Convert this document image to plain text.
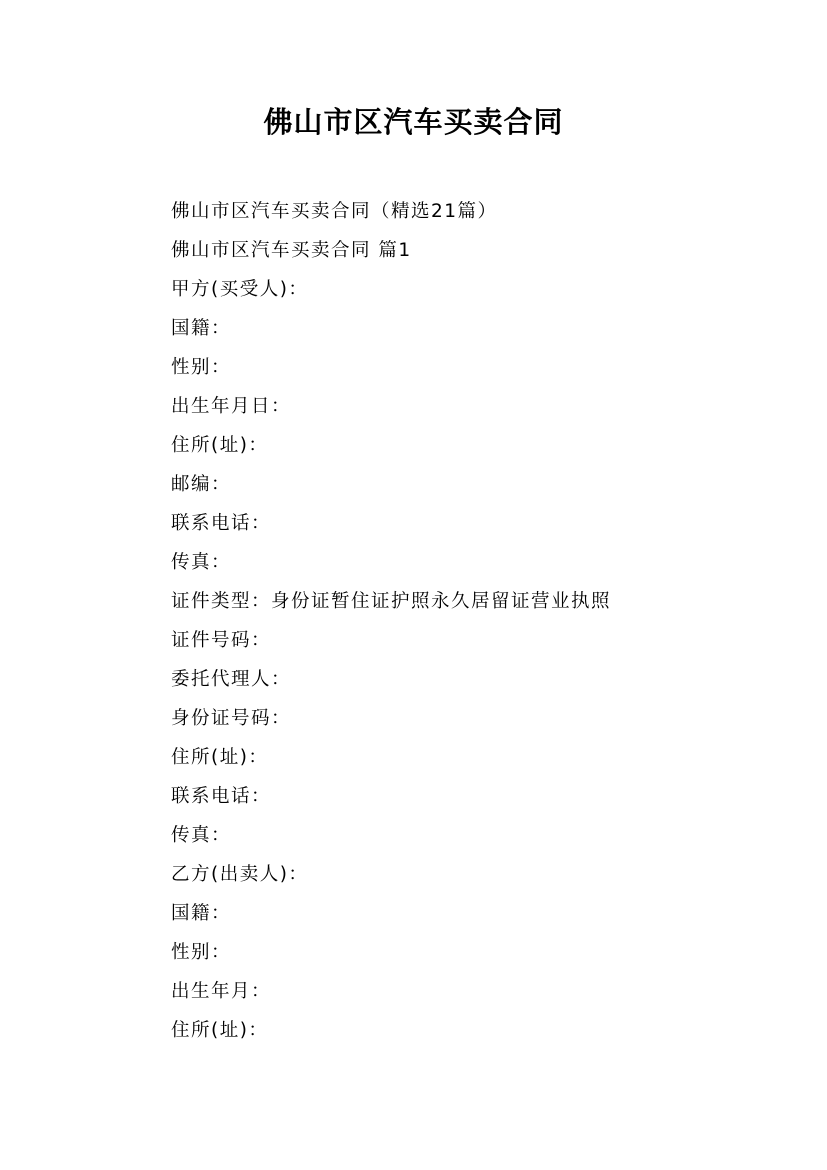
佛山市区汽车买卖合同
佛山市区汽车买卖合同（精选21篇）
佛山市区汽车买卖合同 篇1
甲方(买受人)：
国籍：
性别：
出生年月日：
住所(址)：
邮编：
联系电话：
传真：
证件类型：身份证暂住证护照永久居留证营业执照
证件号码：
委托代理人：
身份证号码：
住所(址)：
联系电话：
传真：
乙方(出卖人)：
国籍：
性别：
出生年月：
住所(址)：
